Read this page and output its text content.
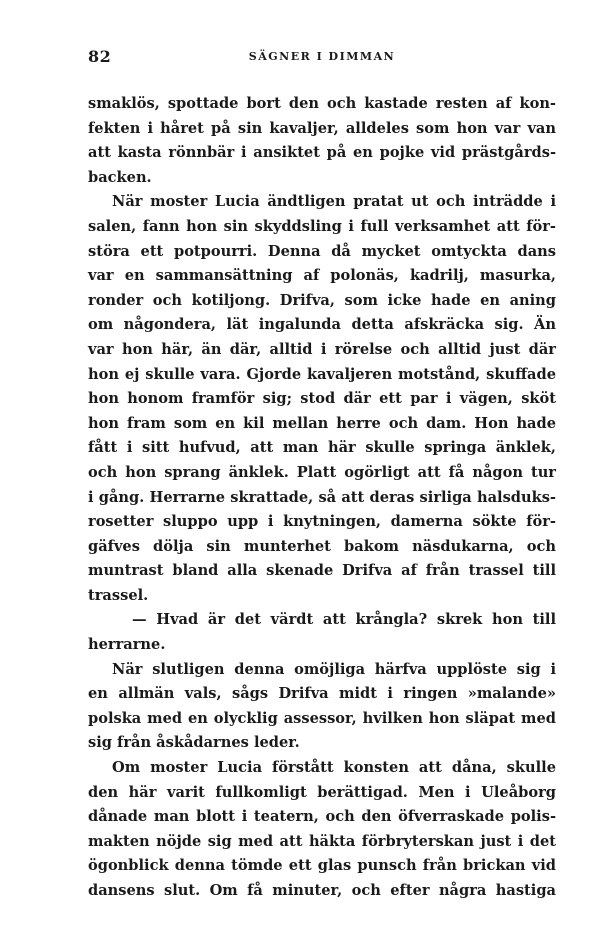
82	SÄGNER I DIMMAN
smaklös, spottade bort den och kastade resten af kon-
fekten i håret på sin kavaljer, alldeles som hon var van
att kasta rönnbär i ansiktet på en pojke vid prästgårds-
backen.
När moster Lucia ändtligen pratat ut och inträdde i
salen, fann hon sin skyddsling i full verksamhet att för-
störa ett potpourri. Denna då mycket omtyckta dans
var en sammansättning af polonäs, kadrilj, masurka,
ronder och kotiljong. Drifva, som icke hade en aning
om någondera, lät ingalunda detta afskräcka sig. Än
var hon här, än där, alltid i rörelse och alltid just där
hon ej skulle vara. Gjorde kavaljeren motstånd, skuffade
hon honom framför sig; stod där ett par i vägen, sköt
hon fram som en kil mellan herre och dam. Hon hade
fått i sitt hufvud, att man här skulle springa änklek,
och hon sprang änklek. Platt ogörligt att få någon tur
i gång. Herrarne skrattade, så att deras sirliga halsduks-
rosetter sluppo upp i knytningen, damerna sökte för-
gäfves dölja sin munterhet bakom näsdukarna, och
muntrast bland alla skenade Drifva af från trassel till
trassel.
— Hvad är det värdt att krångla? skrek hon till
herrarne.
När slutligen denna omöjliga härfva upplöste sig i
en allmän vals, sågs Drifva midt i ringen »malande»
polska med en olycklig assessor, hvilken hon släpat med
sig från åskådarnes leder.
Om moster Lucia förstått konsten att dåna, skulle
den här varit fullkomligt berättigad. Men i Uleåborg
dånade man blott i teatern, och den öfverraskade polis-
makten nöjde sig med att häkta förbryterskan just i det
ögonblick denna tömde ett glas punsch från brickan vid
dansens slut. Om få minuter, och efter några hastiga
